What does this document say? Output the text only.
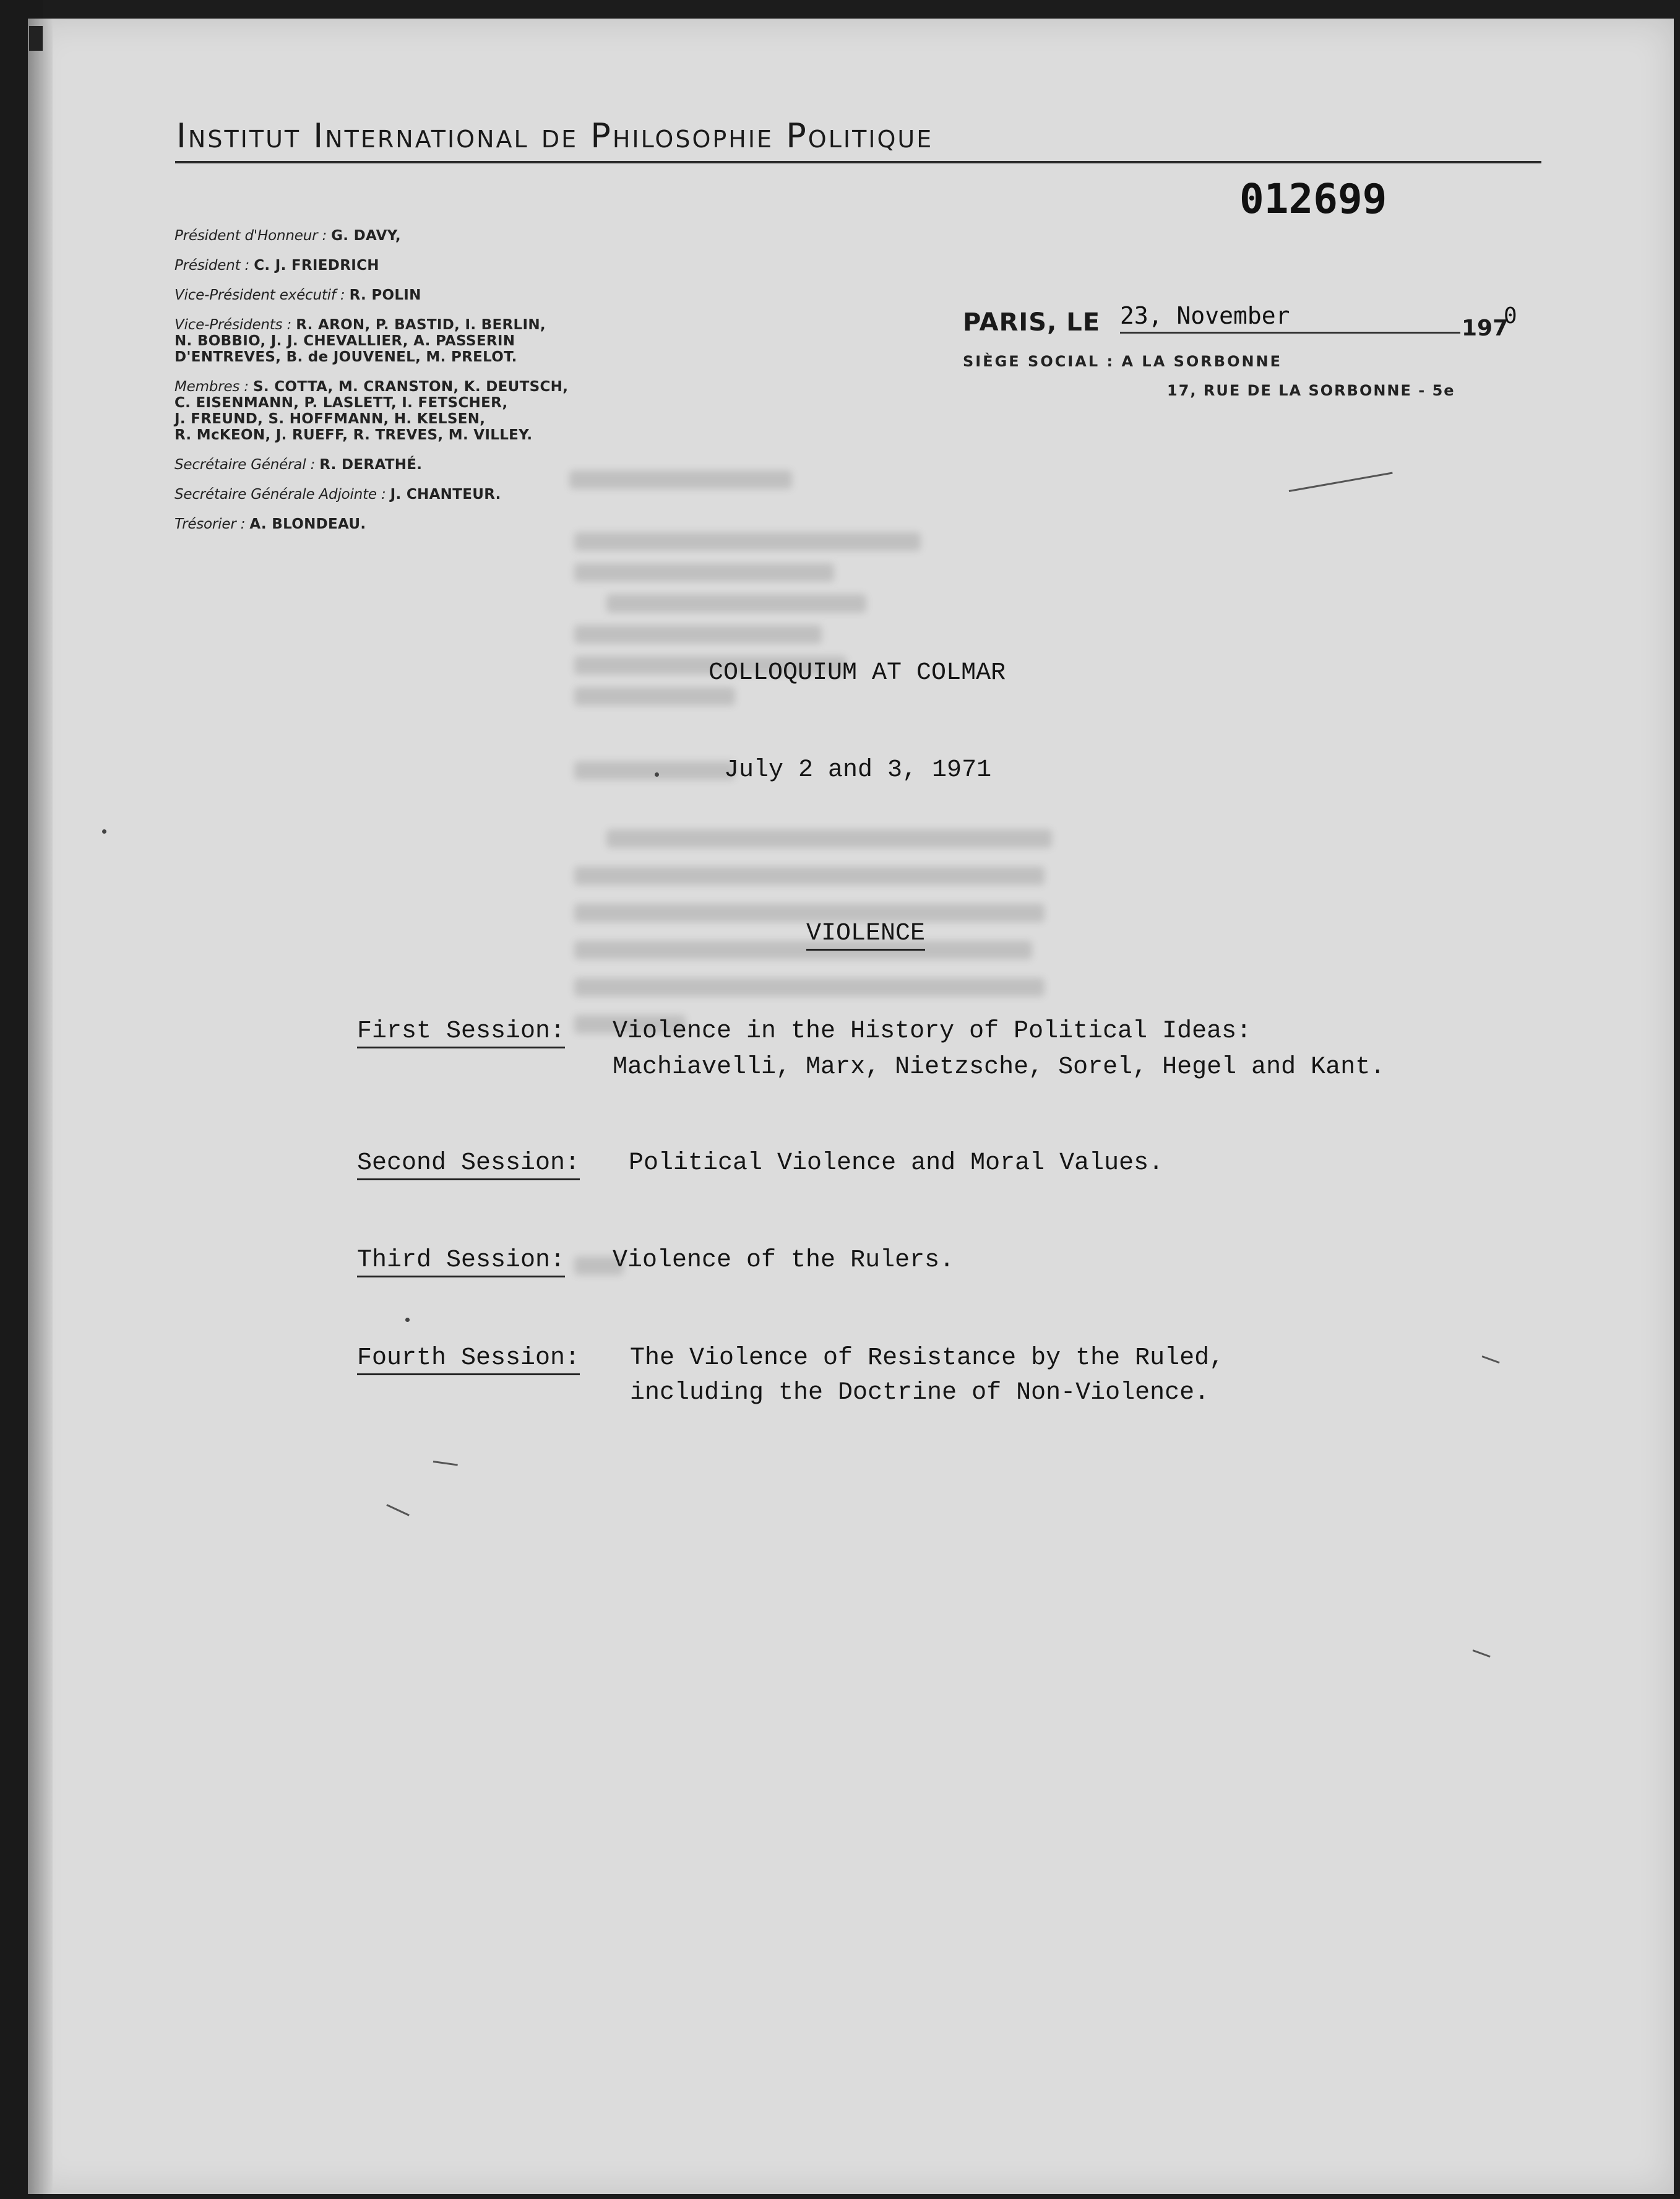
Institut International de Philosophie Politique
012699
Président d'Honneur : G. DAVY,
Président : C. J. FRIEDRICH
Vice-Président exécutif : R. POLIN
Vice-Présidents : R. ARON, P. BASTID, I. BERLIN,
N. BOBBIO, J. J. CHEVALLIER, A. PASSERIN
D'ENTREVES, B. de JOUVENEL, M. PRELOT.
Membres : S. COTTA, M. CRANSTON, K. DEUTSCH,
C. EISENMANN, P. LASLETT, I. FETSCHER,
J. FREUND, S. HOFFMANN, H. KELSEN,
R. McKEON, J. RUEFF, R. TREVES, M. VILLEY.
Secrétaire Général : R. DERATHÉ.
Secrétaire Générale Adjointe : J. CHANTEUR.
Trésorier : A. BLONDEAU.
PARIS, LE 23, November	197
0
SIÈGE SOCIAL : A LA SORBONNE
17, RUE DE LA SORBONNE - 5e
COLLOQUIUM AT COLMAR
July 2 and 3, 1971
VIOLENCE
First Session: Violence in the History of Political Ideas:
Machiavelli, Marx, Nietzsche, Sorel, Hegel and Kant.
Second Session: Political Violence and Moral Values.
Third Session: Violence of the Rulers.
Fourth Session: The Violence of Resistance by the Ruled,
including the Doctrine of Non-Violence.
